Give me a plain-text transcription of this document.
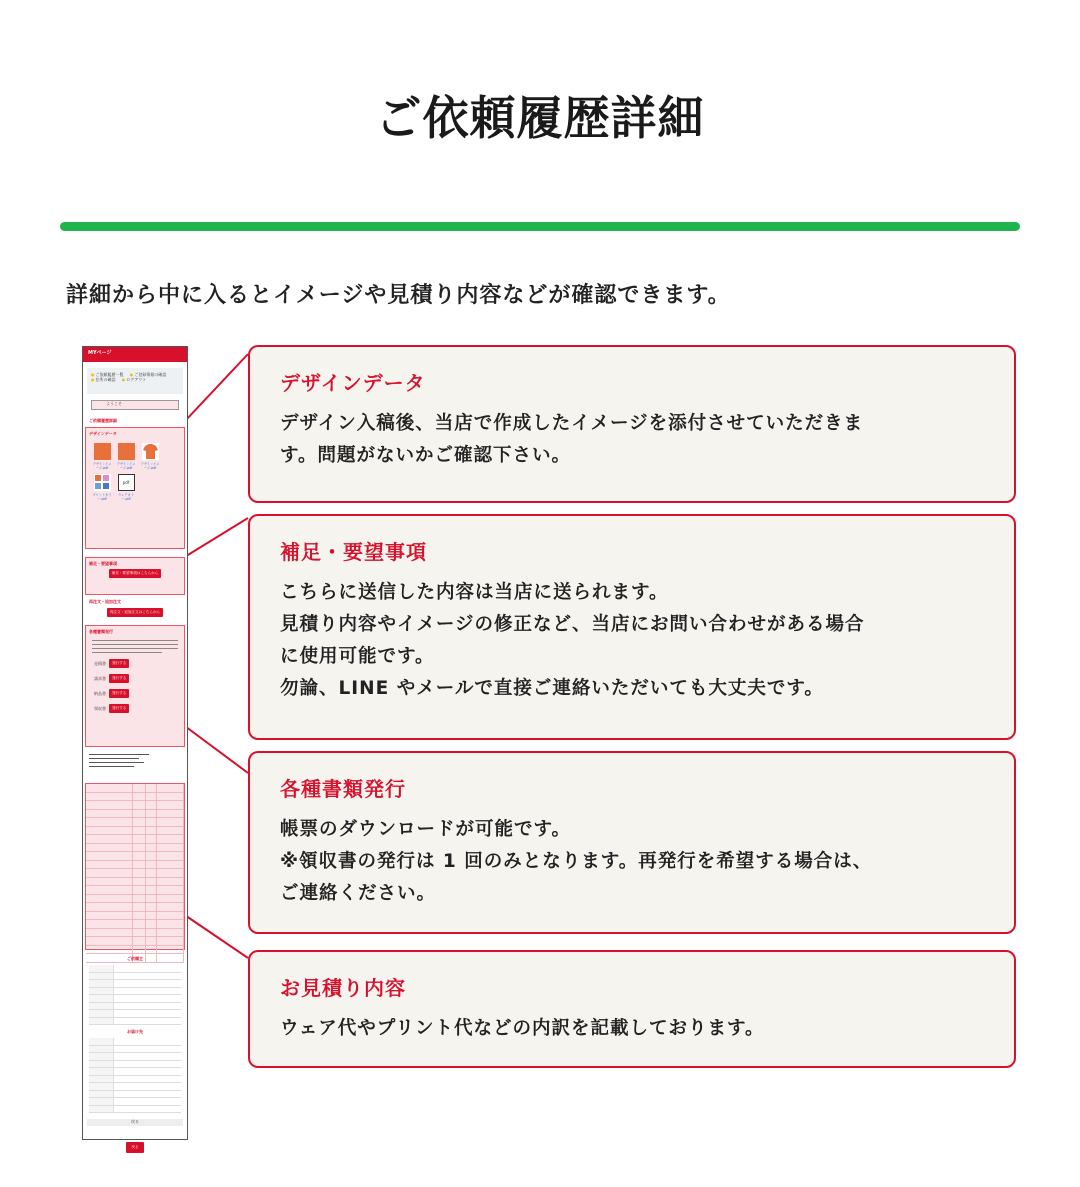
ご依頼履歴詳細
詳細から中に入るとイメージや見積り内容などが確認できます。
デザインデータ

デザイン入稿後、当店で作成したイメージを添付させていただきま
す。問題がないかご確認下さい。

補足・要望事項

こちらに送信した内容は当店に送られます。
見積り内容やイメージの修正など、当店にお問い合わせがある場合
に使用可能です。
勿論、LINE やメールで直接ご連絡いただいても大丈夫です。

各種書類発行

帳票のダウンロードが可能です。
※領収書の発行は 1 回のみとなります。再発行を希望する場合は、
ご連絡ください。

お見積り内容

ウェア代やプリント代などの内訳を記載しております。

MYページ
● ご依頼履歴一覧	● ご登録情報の確認 ● 住所の確認	● ログアウト
ようこそ
ご依頼履歴詳細
デザインデータ
デザインイメージ.pdf
デザインイメージ.pdf
デザインイメージ.pdf
プリントカラー.pdf
pdf
ウェアカラー.pdf
補足・要望事項
補足・要望事項はこちらから
再注文・追加注文
再注文・追加注文はこちらから
各種書類発行
見積書	発行する
請求書	発行する
納品書	発行する
領収書	発行する
ご依頼主
お届け先
戻る
戻る
